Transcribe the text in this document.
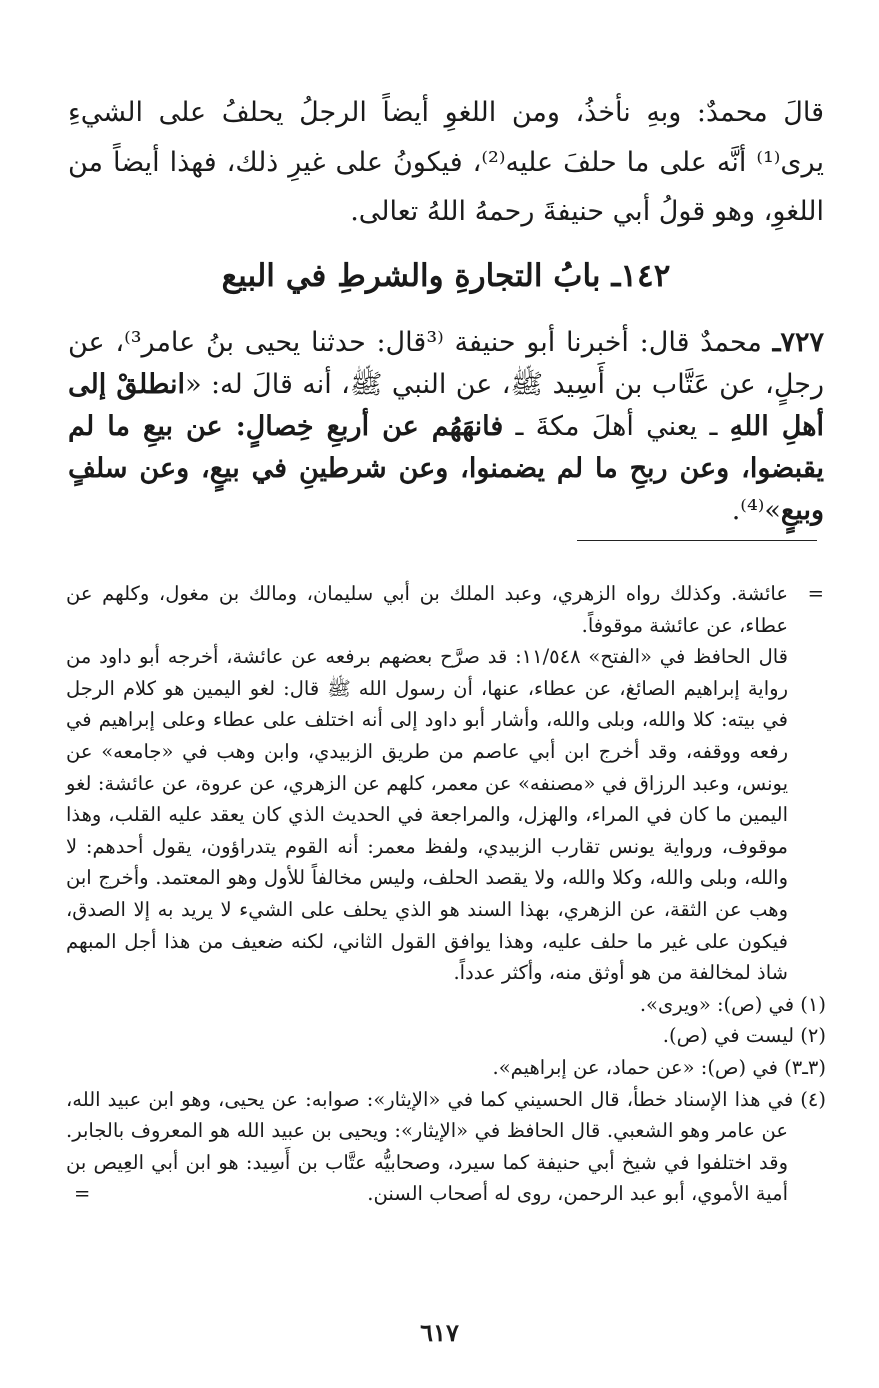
قالَ محمدٌ: وبهِ نأخذُ، ومن اللغوِ أيضاً الرجلُ يحلفُ على الشيءِ يرى⁽¹⁾ أنَّه على ما حلفَ عليه⁽²⁾، فيكونُ على غيرِ ذلك، فهذا أيضاً من اللغوِ، وهو قولُ أبي حنيفةَ رحمهُ اللهُ تعالى.

١٤٢ـ بابُ التجارةِ والشرطِ في البيع

٧٢٧ـ محمدٌ قال: أخبرنا أبو حنيفة ⁽³قال: حدثنا يحيى بنُ عامر³⁾، عن رجلٍ، عن عَتَّاب بن أَسِيد ﷺ، عن النبي ﷺ، أنه قالَ له: «انطلقْ إلى أهلِ اللهِ ـ يعني أهلَ مكةَ ـ فانهَهُم عن أربعِ خِصالٍ: عن بيعِ ما لم يقبضوا، وعن ربحِ ما لم يضمنوا، وعن شرطينِ في بيعٍ، وعن سلفٍ وبيعٍ»⁽⁴⁾.

=

عائشة. وكذلك رواه الزهري، وعبد الملك بن أبي سليمان، ومالك بن مغول، وكلهم عن عطاء، عن عائشة موقوفاً.

قال الحافظ في «الفتح» ١١/٥٤٨: قد صرَّح بعضهم برفعه عن عائشة، أخرجه أبو داود من رواية إبراهيم الصائغ، عن عطاء، عنها، أن رسول الله ﷺ قال: لغو اليمين هو كلام الرجل في بيته: كلا والله، وبلى والله، وأشار أبو داود إلى أنه اختلف على عطاء وعلى إبراهيم في رفعه ووقفه، وقد أخرج ابن أبي عاصم من طريق الزبيدي، وابن وهب في «جامعه» عن يونس، وعبد الرزاق في «مصنفه» عن معمر، كلهم عن الزهري، عن عروة، عن عائشة: لغو اليمين ما كان في المراء، والهزل، والمراجعة في الحديث الذي كان يعقد عليه القلب، وهذا موقوف، ورواية يونس تقارب الزبيدي، ولفظ معمر: أنه القوم يتدراؤون، يقول أحدهم: لا والله، وبلى والله، وكلا والله، ولا يقصد الحلف، وليس مخالفاً للأول وهو المعتمد. وأخرج ابن وهب عن الثقة، عن الزهري، بهذا السند هو الذي يحلف على الشيء لا يريد به إلا الصدق، فيكون على غير ما حلف عليه، وهذا يوافق القول الثاني، لكنه ضعيف من هذا أجل المبهم شاذ لمخالفة من هو أوثق منه، وأكثر عدداً.

(١) في (ص): «ويرى».

(٢) ليست في (ص).

(٣ـ٣) في (ص): «عن حماد، عن إبراهيم».

(٤) في هذا الإسناد خطأ، قال الحسيني كما في «الإيثار»: صوابه: عن يحيى، وهو ابن عبيد الله، عن عامر وهو الشعبي. قال الحافظ في «الإيثار»: ويحيى بن عبيد الله هو المعروف بالجابر. وقد اختلفوا في شيخ أبي حنيفة كما سيرد، وصحابيُّه عتَّاب بن أَسِيد: هو ابن أبي العِيص بن أمية الأموي، أبو عبد الرحمن، روى له أصحاب السنن.

=

٦١٧
